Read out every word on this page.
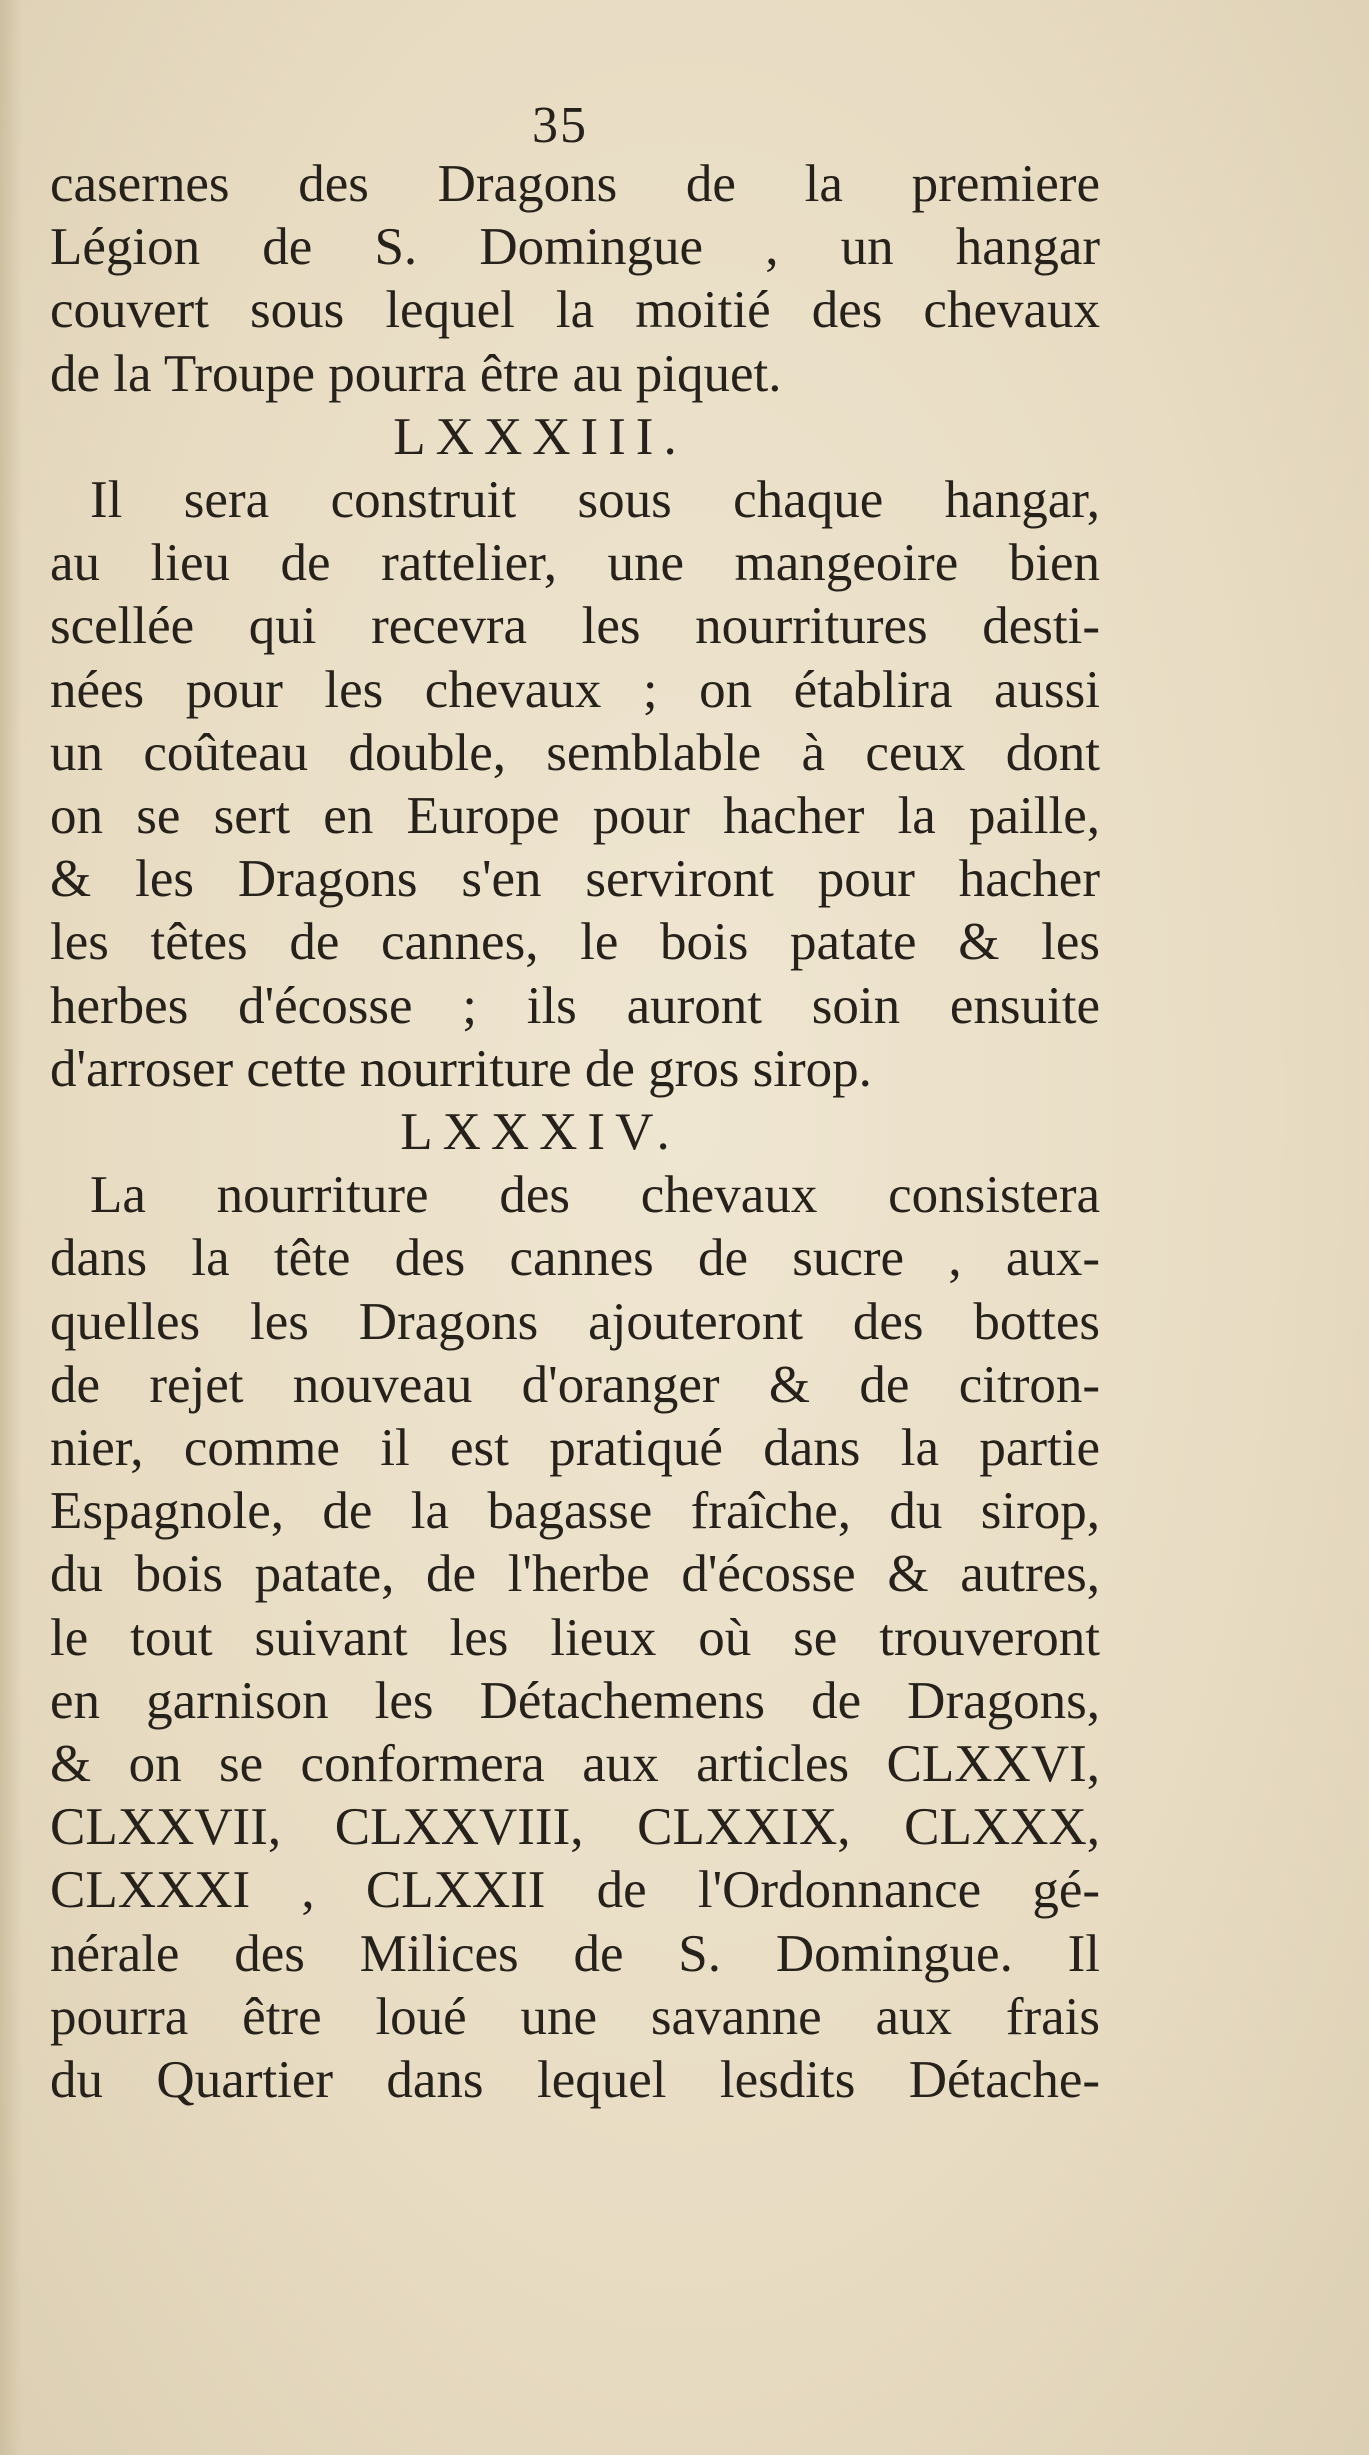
35
casernes des Dragons de la premiere
Légion de S. Domingue , un hangar
couvert sous lequel la moitié des chevaux
de la Troupe pourra être au piquet.
LXXXIII.
Il sera construit sous chaque hangar,
au lieu de rattelier, une mangeoire bien
scellée qui recevra les nourritures desti-
nées pour les chevaux ; on établira aussi
un coûteau double, semblable à ceux dont
on se sert en Europe pour hacher la paille,
& les Dragons s'en serviront pour hacher
les têtes de cannes, le bois patate & les
herbes d'écosse ; ils auront soin ensuite
d'arroser cette nourriture de gros sirop.
LXXXIV.
La nourriture des chevaux consistera
dans la tête des cannes de sucre , aux-
quelles les Dragons ajouteront des bottes
de rejet nouveau d'oranger & de citron-
nier, comme il est pratiqué dans la partie
Espagnole, de la bagasse fraîche, du sirop,
du bois patate, de l'herbe d'écosse & autres,
le tout suivant les lieux où se trouveront
en garnison les Détachemens de Dragons,
& on se conformera aux articles CLXXVI,
CLXXVII, CLXXVIII, CLXXIX, CLXXX,
CLXXXI , CLXXII de l'Ordonnance gé-
nérale des Milices de S. Domingue. Il
pourra être loué une savanne aux frais
du Quartier dans lequel lesdits Détache-
